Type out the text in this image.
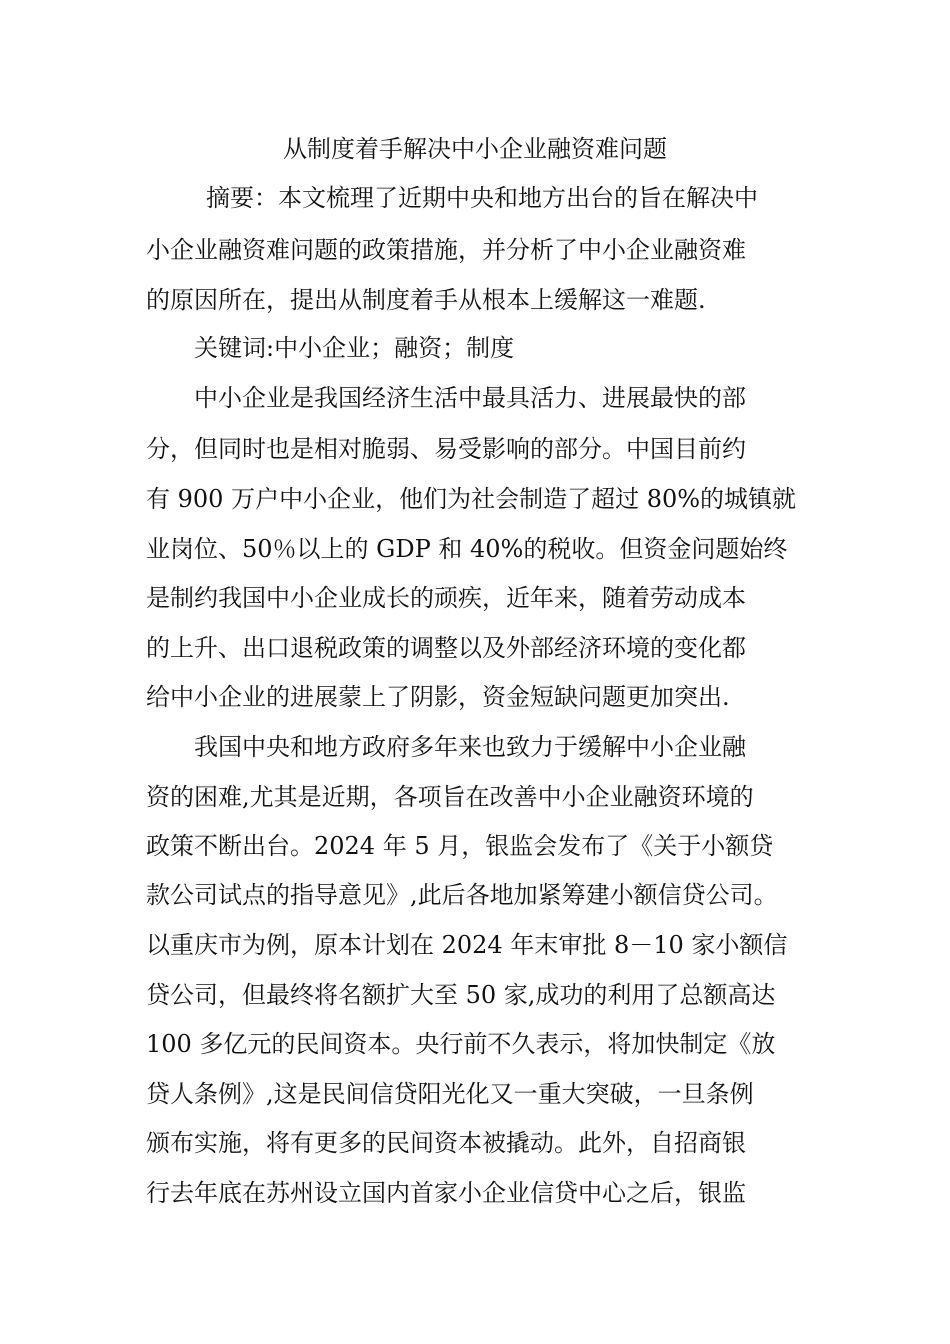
从制度着手解决中小企业融资难问题
摘要：本文梳理了近期中央和地方出台的旨在解决中
小企业融资难问题的政策措施，并分析了中小企业融资难
的原因所在，提出从制度着手从根本上缓解这一难题.
关键词:中小企业；融资；制度
中小企业是我国经济生活中最具活力、进展最快的部
分，但同时也是相对脆弱、易受影响的部分。中国目前约
有 900 万户中小企业，他们为社会制造了超过 80%的城镇就
业岗位、50％以上的 GDP 和 40%的税收。但资金问题始终
是制约我国中小企业成长的顽疾，近年来，随着劳动成本
的上升、出口退税政策的调整以及外部经济环境的变化都
给中小企业的进展蒙上了阴影，资金短缺问题更加突出.
我国中央和地方政府多年来也致力于缓解中小企业融
资的困难,尤其是近期，各项旨在改善中小企业融资环境的
政策不断出台。2024 年 5 月，银监会发布了《关于小额贷
款公司试点的指导意见》,此后各地加紧筹建小额信贷公司。
以重庆市为例，原本计划在 2024 年末审批 8－10 家小额信
贷公司，但最终将名额扩大至 50 家,成功的利用了总额高达
100 多亿元的民间资本。央行前不久表示，将加快制定《放
贷人条例》,这是民间信贷阳光化又一重大突破，一旦条例
颁布实施，将有更多的民间资本被撬动。此外，自招商银
行去年底在苏州设立国内首家小企业信贷中心之后，银监
